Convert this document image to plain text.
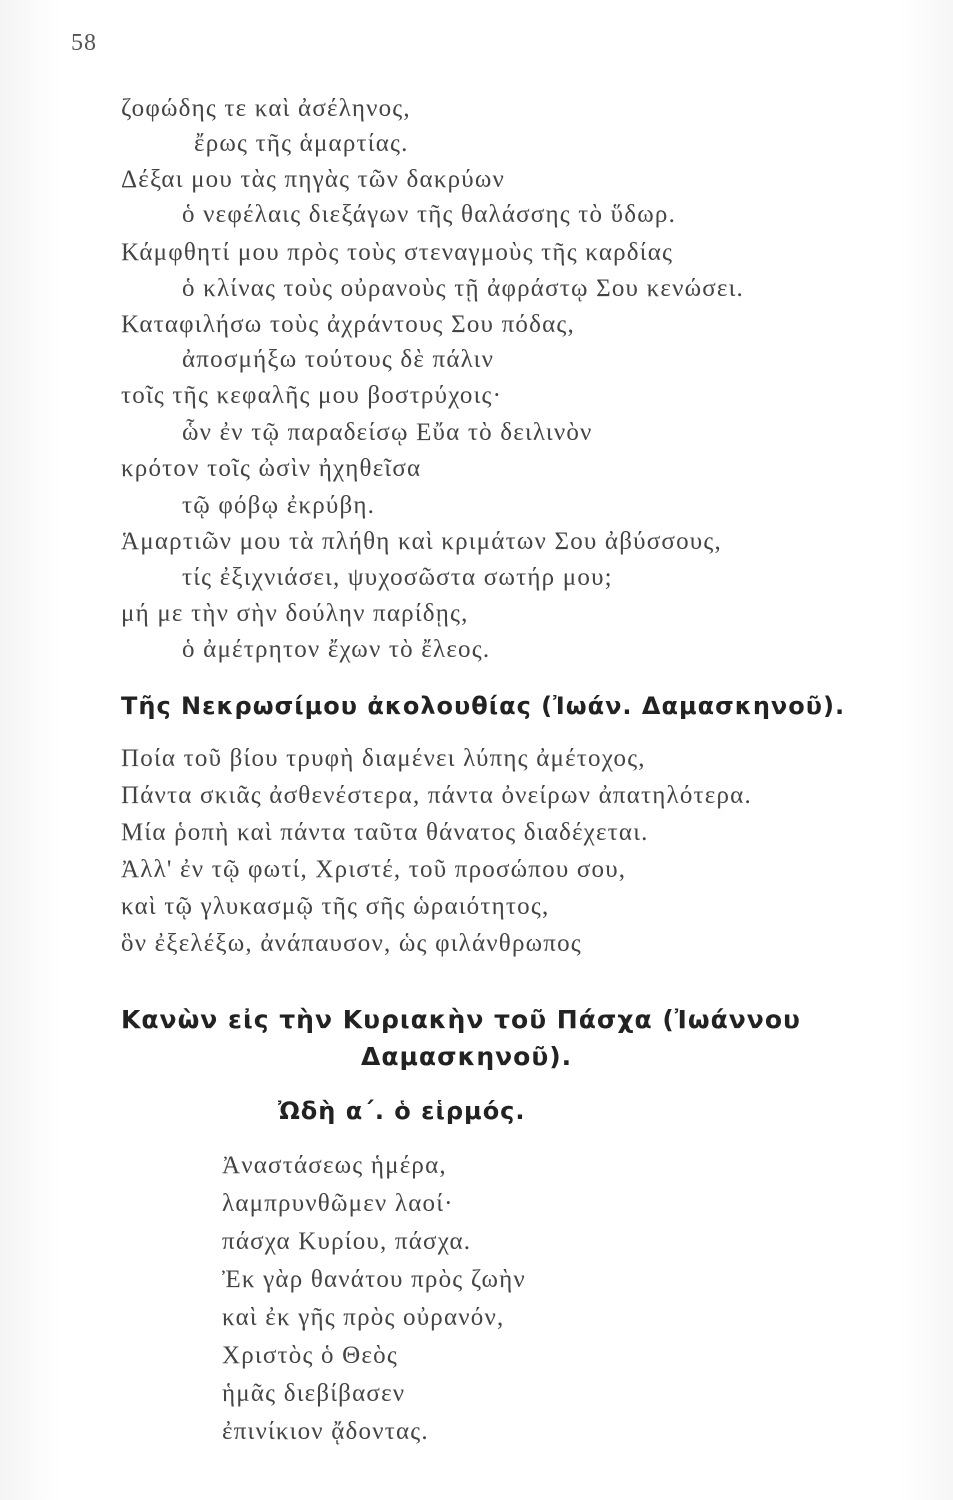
58
ζοφώδης τε καὶ ἀσέληνος,
ἔρως τῆς ἁμαρτίας.
Δέξαι μου τὰς πηγὰς τῶν δακρύων
ὁ νεφέλαις διεξάγων τῆς θαλάσσης τὸ ὕδωρ.
Κάμφθητί μου πρὸς τοὺς στεναγμοὺς τῆς καρδίας
ὁ κλίνας τοὺς οὐρανοὺς τῇ ἀφράστῳ Σου κενώσει.
Καταφιλήσω τοὺς ἀχράντους Σου πόδας,
ἀποσμήξω τούτους δὲ πάλιν
τοῖς τῆς κεφαλῆς μου βοστρύχοις·
ὧν ἐν τῷ παραδείσῳ Εὔα τὸ δειλινὸν
κρότον τοῖς ὠσὶν ἠχηθεῖσα
τῷ φόβῳ ἐκρύβη.
Ἁμαρτιῶν μου τὰ πλήθη καὶ κριμάτων Σου ἀβύσσους,
τίς ἐξιχνιάσει, ψυχοσῶστα σωτήρ μου;
μή με τὴν σὴν δούλην παρίδῃς,
ὁ ἀμέτρητον ἔχων τὸ ἔλεος.
Τῆς Νεκρωσίμου ἀκολουθίας (Ἰωάν. Δαμασκηνοῦ).
Ποία τοῦ βίου τρυφὴ διαμένει λύπης ἀμέτοχος,
Πάντα σκιᾶς ἀσθενέστερα, πάντα ὀνείρων ἀπατηλότερα.
Μία ῥοπὴ καὶ πάντα ταῦτα θάνατος διαδέχεται.
Ἀλλ' ἐν τῷ φωτί, Χριστέ, τοῦ προσώπου σου,
καὶ τῷ γλυκασμῷ τῆς σῆς ὡραιότητος,
ὃν ἐξελέξω, ἀνάπαυσον, ὡς φιλάνθρωπος
Κανὼν εἰς τὴν Κυριακὴν τοῦ Πάσχα (Ἰωάννου
Δαμασκηνοῦ).
Ὠδὴ α΄. ὁ εἱρμός.
Ἀναστάσεως ἡμέρα,
λαμπρυνθῶμεν λαοί·
πάσχα Κυρίου, πάσχα.
Ἐκ γὰρ θανάτου πρὸς ζωὴν
καὶ ἐκ γῆς πρὸς οὐρανόν,
Χριστὸς ὁ Θεὸς
ἡμᾶς διεβίβασεν
ἐπινίκιον ᾄδοντας.
